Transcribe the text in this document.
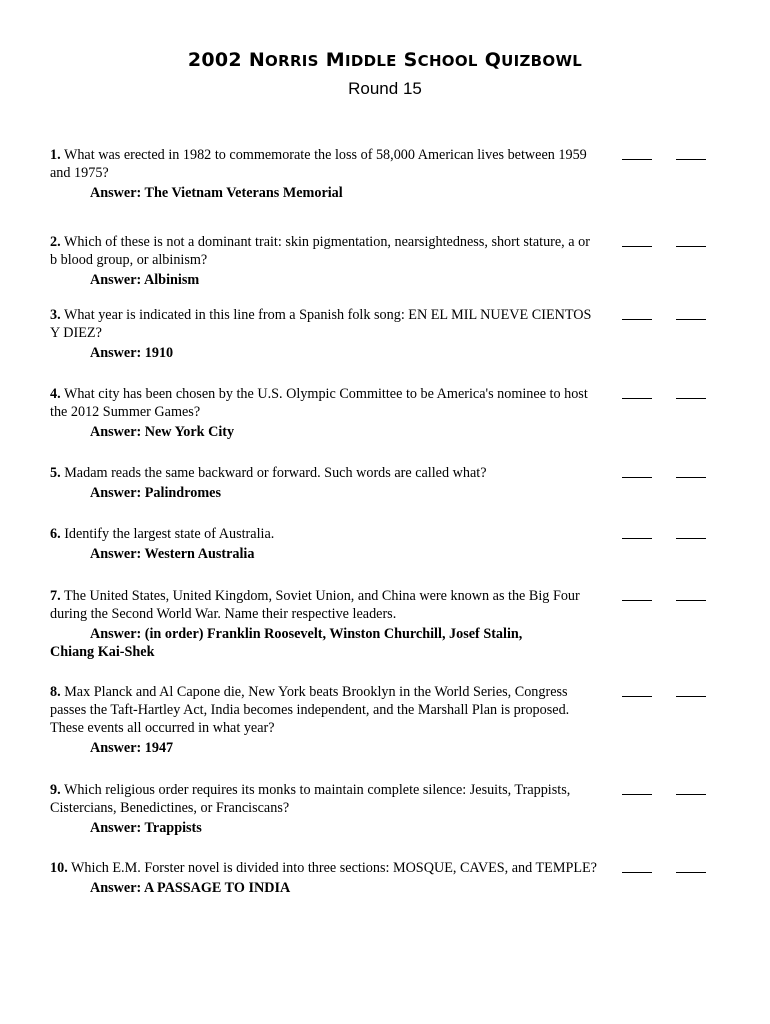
2002 NORRIS MIDDLE SCHOOL QUIZBOWL
Round 15
1. What was erected in 1982 to commemorate the loss of 58,000 American lives between 1959 and 1975?
Answer: The Vietnam Veterans Memorial
2. Which of these is not a dominant trait: skin pigmentation, nearsightedness, short stature, a or b blood group, or albinism?
Answer: Albinism
3. What year is indicated in this line from a Spanish folk song: EN EL MIL NUEVE CIENTOS Y DIEZ?
Answer: 1910
4. What city has been chosen by the U.S. Olympic Committee to be America's nominee to host the 2012 Summer Games?
Answer: New York City
5. Madam reads the same backward or forward. Such words are called what?
Answer: Palindromes
6. Identify the largest state of Australia.
Answer: Western Australia
7. The United States, United Kingdom, Soviet Union, and China were known as the Big Four during the Second World War. Name their respective leaders.
Answer: (in order) Franklin Roosevelt, Winston Churchill, Josef Stalin,
Chiang Kai-Shek
8. Max Planck and Al Capone die, New York beats Brooklyn in the World Series, Congress passes the Taft-Hartley Act, India becomes independent, and the Marshall Plan is proposed. These events all occurred in what year?
Answer: 1947
9. Which religious order requires its monks to maintain complete silence: Jesuits, Trappists, Cistercians, Benedictines, or Franciscans?
Answer: Trappists
10. Which E.M. Forster novel is divided into three sections: MOSQUE, CAVES, and TEMPLE?
Answer: A PASSAGE TO INDIA
